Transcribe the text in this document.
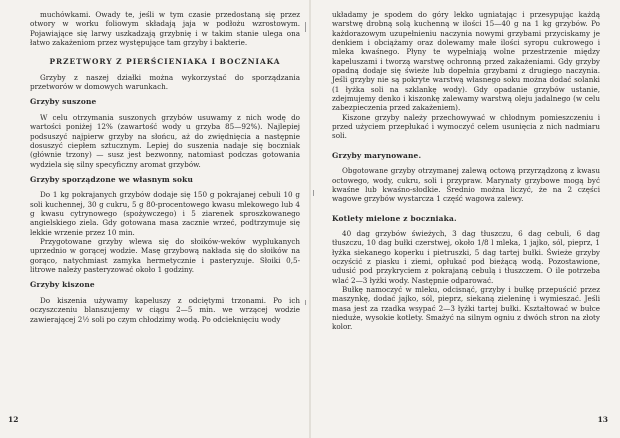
muchówkami. Owady te, jeśli w tym czasie przedostaną się przez otwory w worku foliowym składają jaja w podłożu wzrostowym. Pojawiające się larwy uszkadzają grzybnię i w takim stanie ulega ona łatwo zakażeniom przez występujące tam grzyby i bakterie.

PRZETWORY Z PIERŚCIENIAKA I BOCZNIAKA

Grzyby z naszej działki można wykorzystać do sporządzania przetworów w domowych warunkach.

Grzyby suszone

W celu otrzymania suszonych grzybów usuwamy z nich wodę do wartości poniżej 12% (zawartość wody u grzyba 85—92%). Najlepiej podsuszyć najpierw grzyby na słońcu, aż do zwiędnięcia a następnie dosuszyć ciepłem sztucznym. Lepiej do suszenia nadaje się boczniak (głównie trzony) — susz jest bezwonny, natomiast podczas gotowania wydziela się silny specyficzny aromat grzybów.

Grzyby sporządzone we własnym soku

Do 1 kg pokrajanych grzybów dodaje się 150 g pokrajanej cebuli 10 g soli kuchennej, 30 g cukru, 5 g 80-procentowego kwasu mlekowego lub 4 g kwasu cytrynowego (spożywczego) i 5 ziarenek sproszkowanego angielskiego ziela. Gdy gotowana masa zacznie wrzeć, podtrzymuje się lekkie wrzenie przez 10 min.

Przygotowane grzyby wlewa się do słoików-weków wyplukanych uprzednio w gorącej wodzie. Masę grzybową nakłada się do słoików na gorąco, natychmiast zamyka hermetycznie i pasteryzuje. Słoiki 0,5-litrowe należy pasteryzować około 1 godziny.

Grzyby kiszone

Do kiszenia używamy kapeluszy z odciętymi trzonami. Po ich oczyszczeniu blanszujemy w ciągu 2—5 min. we wrzącej wodzie zawierającej 2½ soli po czym chłodzimy wodą. Po odcieknięciu wody

12

układamy je spodem do góry lekko ugniatając i przesypując każdą warstwę drobną solą kuchenną w ilości 15—40 g na 1 kg grzybów. Po każdorazowym uzupełnieniu naczynia nowymi grzybami przyciskamy je denkiem i obciążamy oraz dolewamy małe ilości syropu cukrowego i mleka kwaśnego. Płyny te wypełniają wolne przestrzenie między kapeluszami i tworzą warstwę ochronną przed zakażeniami. Gdy grzyby opadną dodaje się świeże lub dopełnia grzybami z drugiego naczynia. Jeśli grzyby nie są pokryte warstwą własnego soku można dodać solanki (1 łyżka soli na szklankę wody). Gdy opadanie grzybów ustanie, zdejmujemy denko i kiszonkę zalewamy warstwą oleju jadalnego (w celu zabezpieczenia przed zakażeniem).

Kiszone grzyby należy przechowywać w chłodnym pomieszczeniu i przed użyciem przepłukać i wymoczyć celem usunięcia z nich nadmiaru soli.

Grzyby marynowane.

Obgotowane grzyby otrzymanej zalewą octową przyrządzoną z kwasu octowego, wody, cukru, soli i przypraw. Marynaty grzybowe mogą być kwaśne lub kwaśno-słodkie. Średnio można liczyć, że na 2 części wagowe grzybów wystarcza 1 część wagowa zalewy.

Kotlety mielone z boczniaka.

40 dag grzybów świeżych, 3 dag tłuszczu, 6 dag cebuli, 6 dag tłuszczu, 10 dag bułki czerstwej, około 1/8 l mleka, 1 jajko, sól, pieprz, 1 łyżka siekanego koperku i pietruszki, 5 dag tartej bułki. Świeże grzyby oczyścić z piasku i ziemi, opłukać pod bieżącą wodą. Pozostawione, udusić pod przykryciem z pokrajaną cebulą i tłuszczem. O ile potrzeba wlać 2—3 łyżki wody. Następnie odparować.

Bułkę namoczyć w mleku, odcisnąć, grzyby i bułkę przepuścić przez maszynkę, dodać jajko, sól, pieprz, siekaną zieleninę i wymieszać. Jeśli masa jest za rzadka wsypać 2—3 łyżki tartej bułki. Kształtować w bułce nieduże, wysokie kotlety. Smażyć na silnym ogniu z dwóch stron na złoty kolor.

13
